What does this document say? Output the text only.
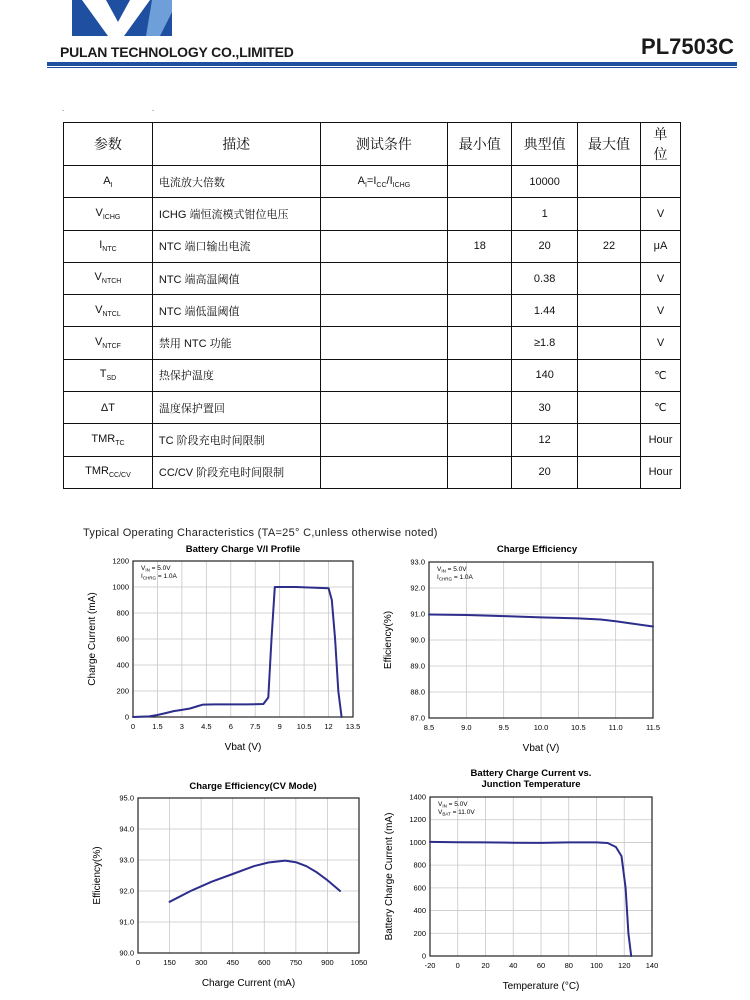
PULAN TECHNOLOGY CO.,LIMITED	PL7503C
.	.
参数	描述	测试条件	最小值	典型值	最大值	单位
$A_I$	电流放大倍数	$A_I=I_{CC}/I_{ICHG}$		10000		
$V_{ICHG}$	ICHG 端恒流模式钳位电压			1		V
$I_{NTC}$	NTC 端口输出电流		18	20	22	μA
$V_{NTCH}$	NTC 端高温阈值			0.38		V
$V_{NTCL}$	NTC 端低温阈值			1.44		V
$V_{NTCF}$	禁用 NTC 功能			≥1.8		V
$T_{SD}$	热保护温度			140		℃
ΔT	温度保护置回			30		℃
$TMR_{TC}$	TC 阶段充电时间限制			12		Hour
$TMR_{CC/CV}$	CC/CV 阶段充电时间限制			20		Hour
Typical Operating Characteristics (TA=25° C,unless otherwise noted)
Battery Charge V/I Profile
0 1.5 3 4.5 6 7.5 9 10.5 12 13.5
0
200
400
600
800
1000
1200
Vbat (V)
Charge Current (mA)
$V_{IN} = 5.0V$
$I_{CHRG} = 1.0A$
Charge Efficiency
8.5	9.0	9.5	10.0	10.5	11.0	11.5
87.0
88.0
89.0
90.0
91.0
92.0
93.0
Vbat (V)
Efficiency(%)
$V_{IN} = 5.0V$
$I_{CHRG} = 1.0A$
Charge Efficiency(CV Mode)
0	150	300	450	600	750	900 1050
90.0
91.0
92.0
93.0
94.0
95.0
Charge Current (mA)
Efficiency(%)
Battery Charge Current vs. Junction Temperature
-20	0	20	40	60	80 100 120 140
0
200
400
600
800
1000
1200
1400
Temperature (°C)
Battery Charge Current (mA)
$V_{IN} = 5.0V$
$V_{BAT} = 11.0V$
